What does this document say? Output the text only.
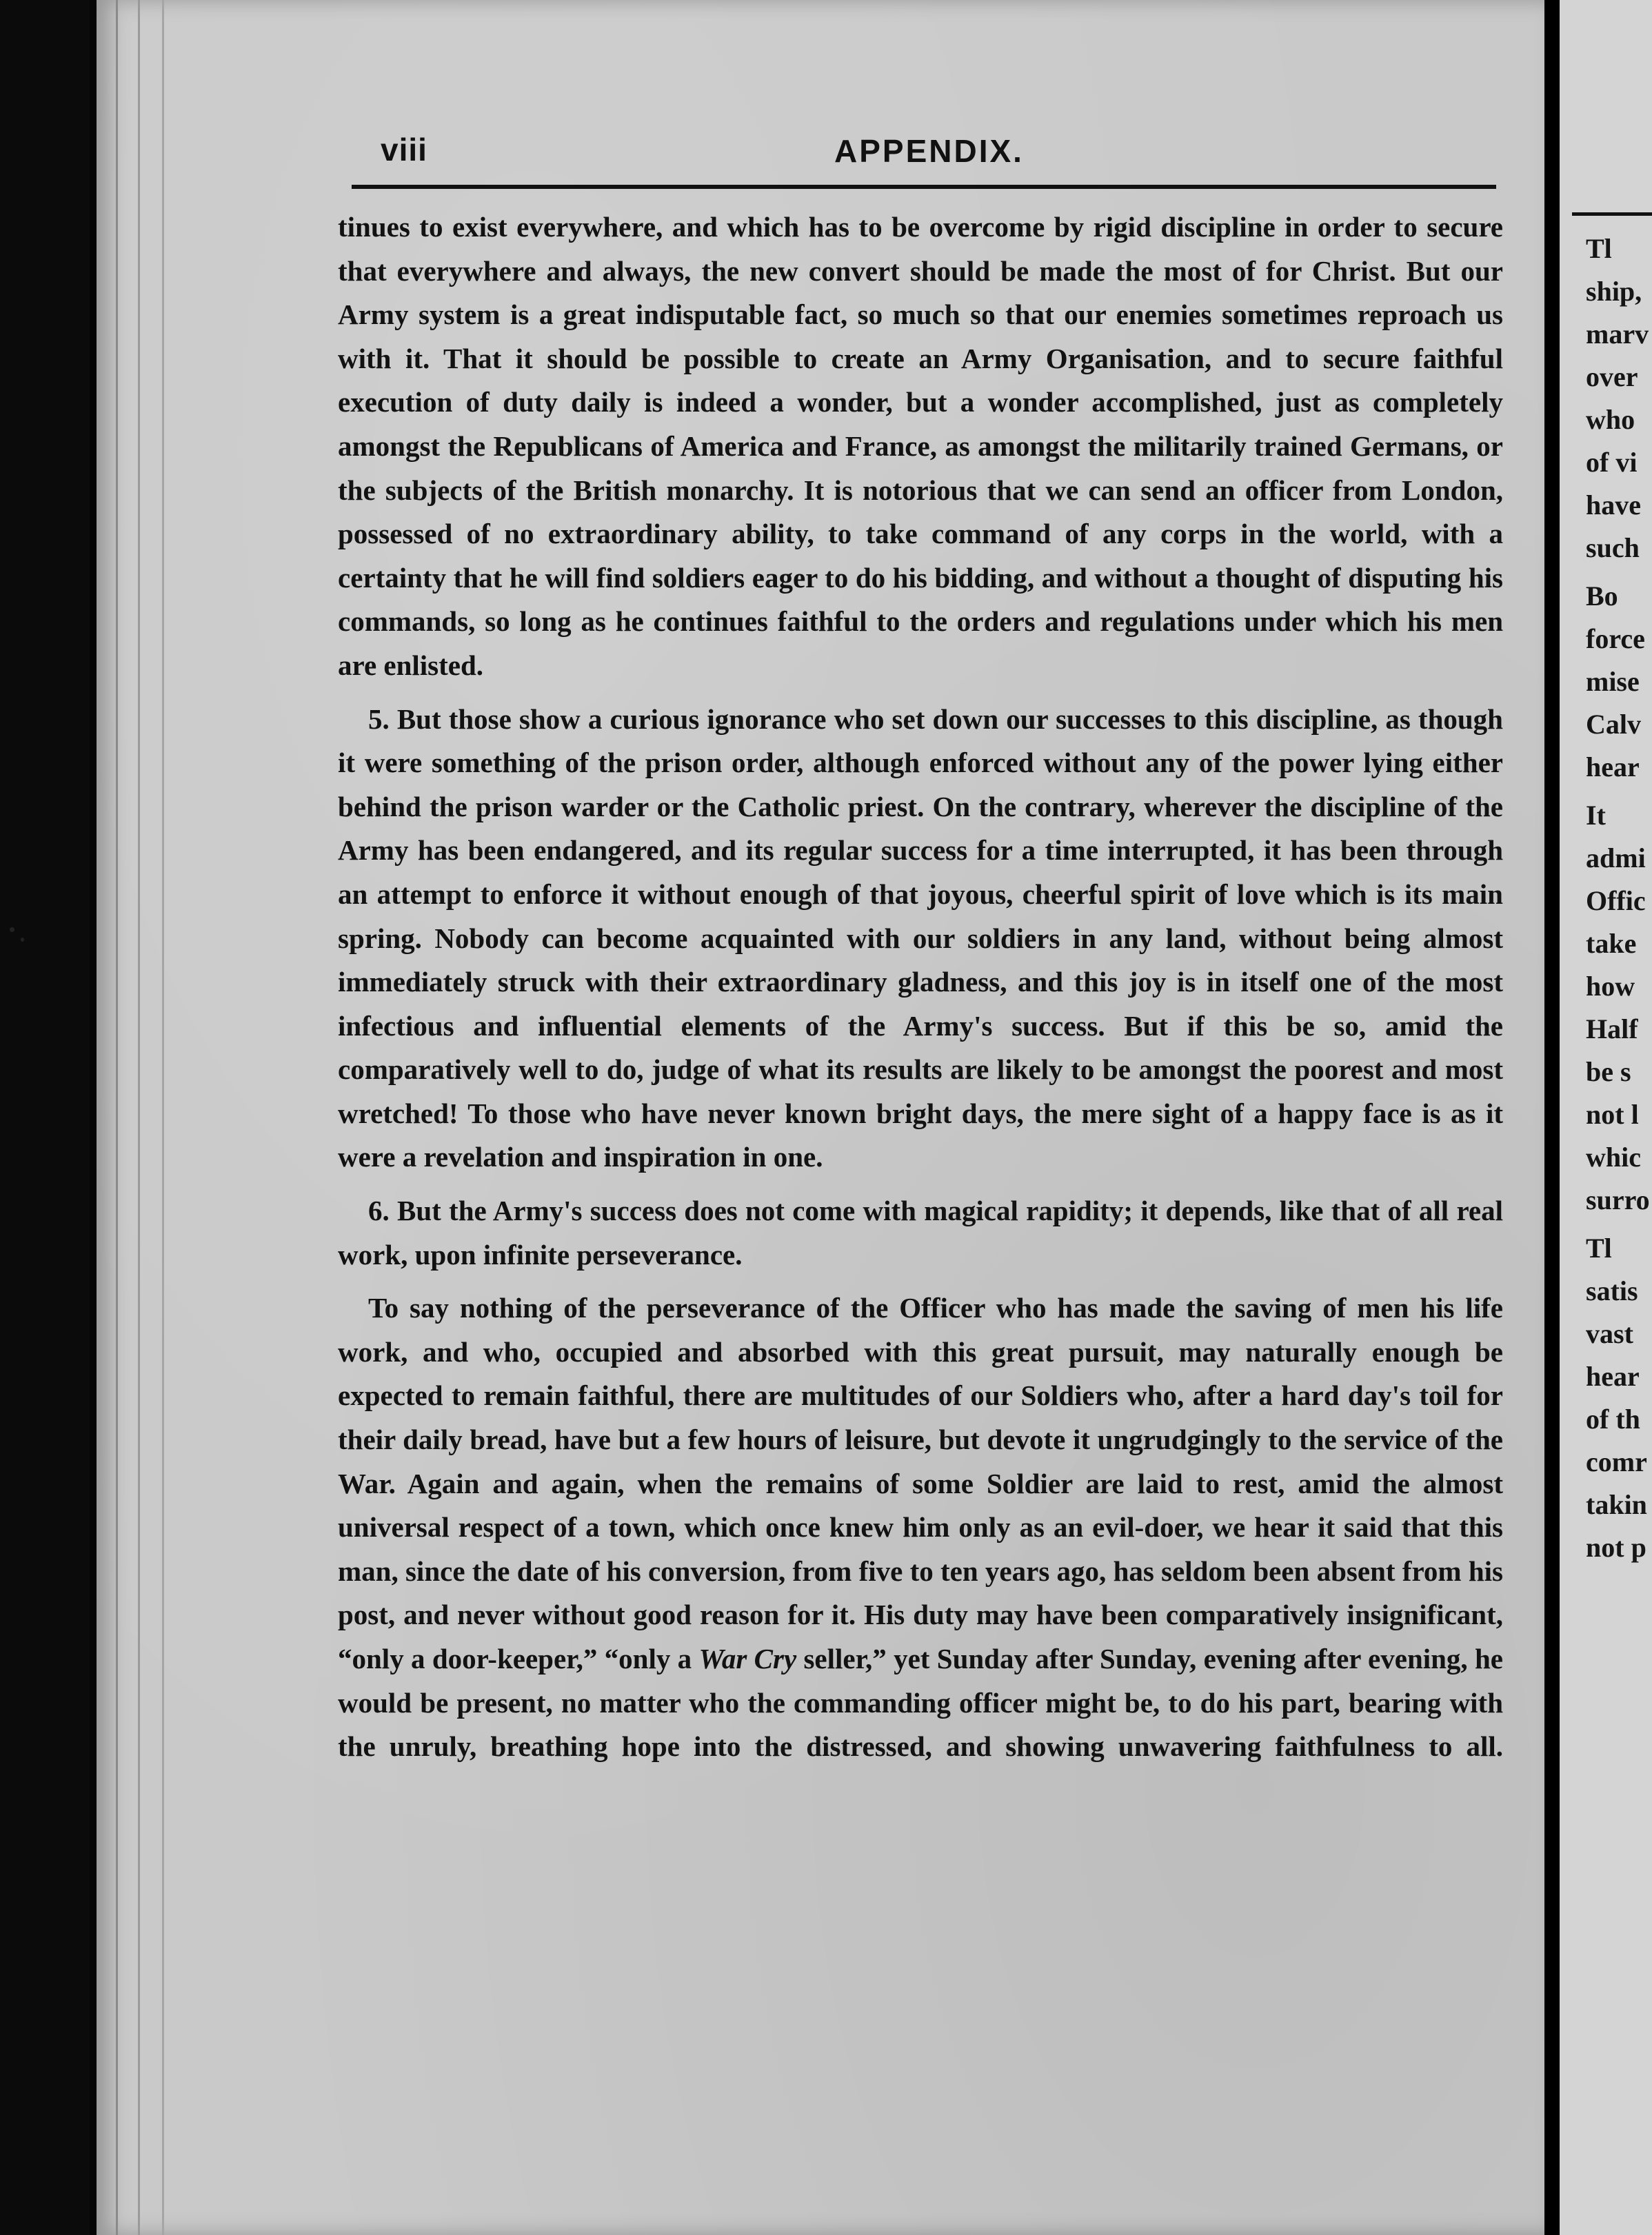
Tl
ship,
marv
over
who
of vi
have
such
Bo
force
mise
Calv
hear
It
admi
Offic
take
how
Half
be s
not l
whic
surro
Tl
satis
vast
hear
of th
comr
takin
not p
viii	APPENDIX.

tinues to exist everywhere, and which has to be overcome by rigid discipline in order to secure that everywhere and always, the new convert should be made the most of for Christ. But our Army system is a great indisputable fact, so much so that our enemies sometimes reproach us with it. That it should be possible to create an Army Organisation, and to secure faithful execution of duty daily is indeed a wonder, but a wonder accomplished, just as completely amongst the Republicans of America and France, as amongst the militarily trained Germans, or the subjects of the British monarchy. It is notorious that we can send an officer from London, possessed of no extraordinary ability, to take command of any corps in the world, with a certainty that he will find soldiers eager to do his bidding, and without a thought of disputing his commands, so long as he continues faithful to the orders and regulations under which his men are enlisted.

5. But those show a curious ignorance who set down our successes to this discipline, as though it were something of the prison order, although enforced without any of the power lying either behind the prison warder or the Catholic priest. On the contrary, wherever the discipline of the Army has been endangered, and its regular success for a time interrupted, it has been through an attempt to enforce it without enough of that joyous, cheerful spirit of love which is its main spring. Nobody can become acquainted with our soldiers in any land, without being almost immediately struck with their extraordinary gladness, and this joy is in itself one of the most infectious and influential elements of the Army's success. But if this be so, amid the comparatively well to do, judge of what its results are likely to be amongst the poorest and most wretched! To those who have never known bright days, the mere sight of a happy face is as it were a revelation and inspiration in one.

6. But the Army's success does not come with magical rapidity; it depends, like that of all real work, upon infinite perseverance.

To say nothing of the perseverance of the Officer who has made the saving of men his life work, and who, occupied and absorbed with this great pursuit, may naturally enough be expected to remain faithful, there are multitudes of our Soldiers who, after a hard day's toil for their daily bread, have but a few hours of leisure, but devote it ungrudgingly to the service of the War. Again and again, when the remains of some Soldier are laid to rest, amid the almost universal respect of a town, which once knew him only as an evil-doer, we hear it said that this man, since the date of his conversion, from five to ten years ago, has seldom been absent from his post, and never without good reason for it. His duty may have been comparatively insignificant, “only a door-keeper,” “only a War Cry seller,” yet Sunday after Sunday, evening after evening, he would be present, no matter who the commanding officer might be, to do his part, bearing with the unruly, breathing hope into the distressed, and showing unwavering faithfulness to all.
